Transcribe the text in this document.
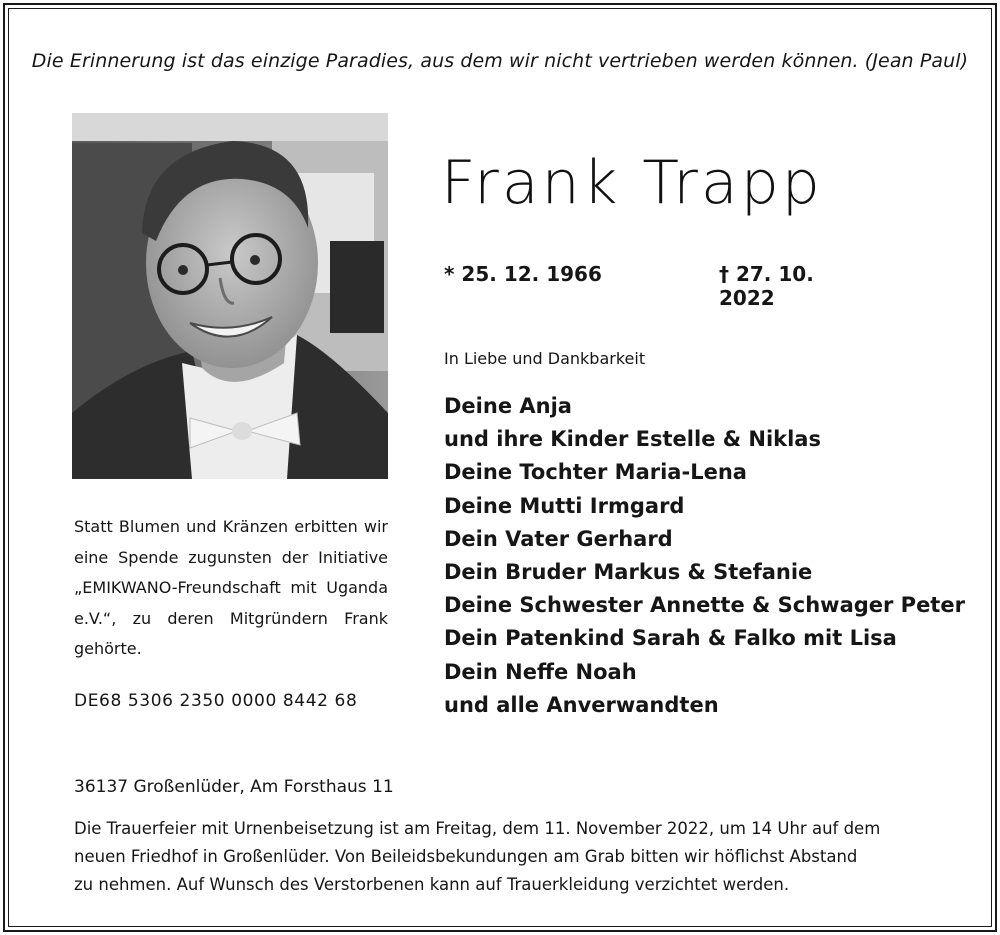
Die Erinnerung ist das einzige Paradies, aus dem wir nicht vertrieben werden können. (Jean Paul)
Frank Trapp
* 25. 12. 1966	† 27. 10. 2022
In Liebe und Dankbarkeit
Deine Anja
und ihre Kinder Estelle & Niklas
Deine Tochter Maria-Lena
Deine Mutti Irmgard
Dein Vater Gerhard
Dein Bruder Markus & Stefanie
Deine Schwester Annette & Schwager Peter
Dein Patenkind Sarah & Falko mit Lisa
Dein Neffe Noah
und alle Anverwandten
Statt Blumen und Kränzen erbitten wir eine Spende zugunsten der Initiative „EMIKWANO-Freundschaft mit Uganda e.V.“, zu deren Mitgründern Frank gehörte.
DE68 5306 2350 0000 8442 68
36137 Großenlüder, Am Forsthaus 11

Die Trauerfeier mit Urnenbeisetzung ist am Freitag, dem 11. November 2022, um 14 Uhr auf dem

neuen Friedhof in Großenlüder. Von Beileidsbekundungen am Grab bitten wir höflichst Abstand

zu nehmen. Auf Wunsch des Verstorbenen kann auf Trauerkleidung verzichtet werden.
